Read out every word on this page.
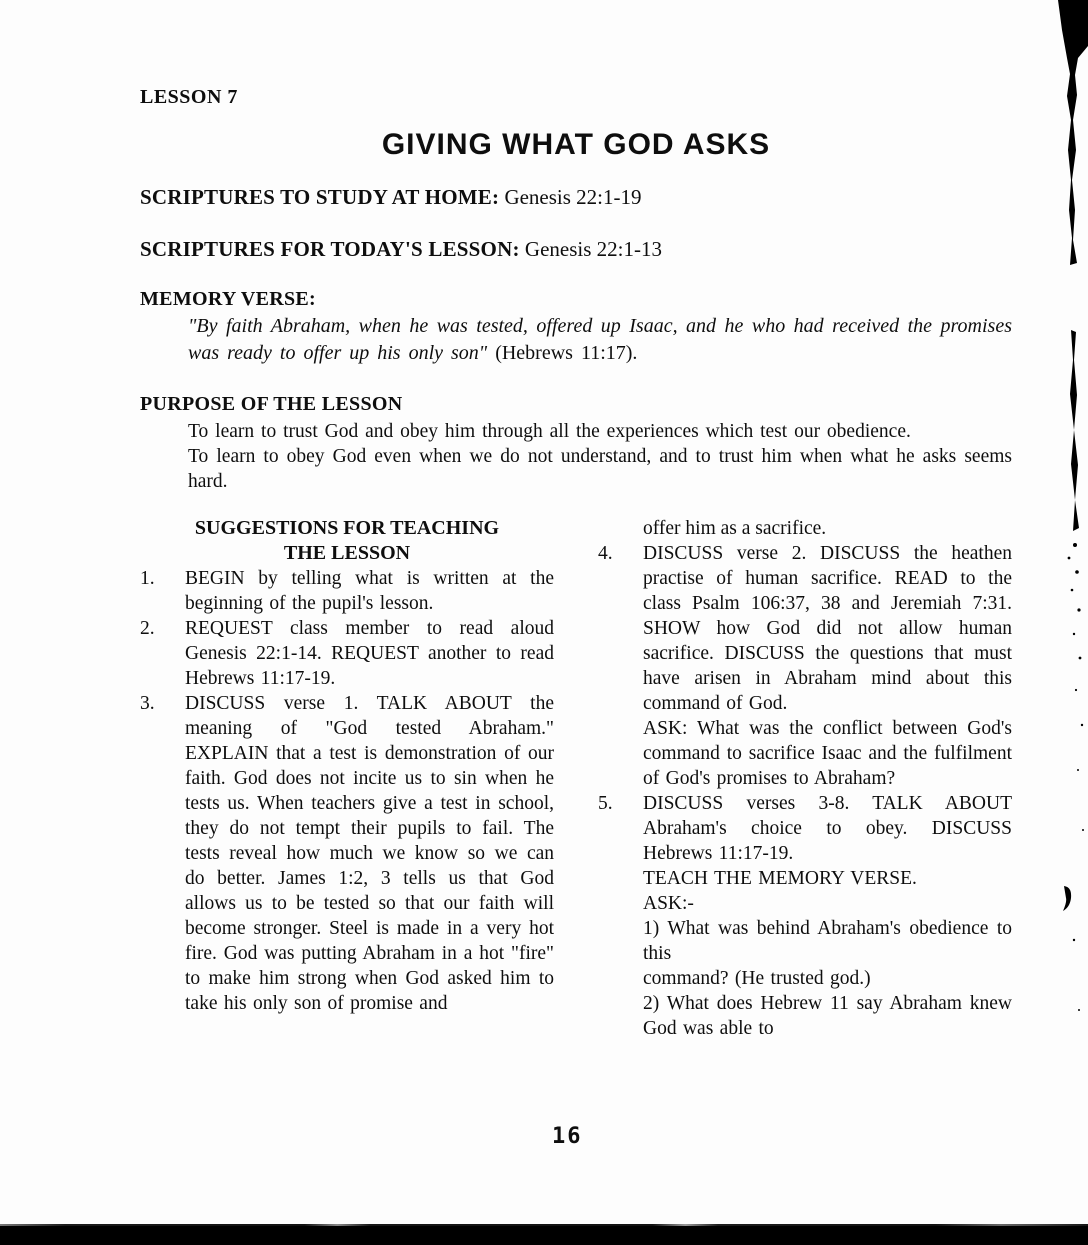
LESSON 7
GIVING WHAT GOD ASKS
SCRIPTURES TO STUDY AT HOME: Genesis 22:1-19
SCRIPTURES FOR TODAY'S LESSON: Genesis 22:1-13
MEMORY VERSE:
"By faith Abraham, when he was tested, offered up Isaac, and he who had received the promises was ready to offer up his only son" (Hebrews 11:17).
PURPOSE OF THE LESSON

To learn to trust God and obey him through all the experiences which test our obedience.

To learn to obey God even when we do not understand, and to trust him when what he asks seems hard.

SUGGESTIONS FOR TEACHING
THE LESSON
1.	BEGIN by telling what is written at the beginning of the pupil's lesson.
2.	REQUEST class member to read aloud Genesis 22:1-14. REQUEST another to read Hebrews 11:17-19.
3.	DISCUSS verse 1. TALK ABOUT the meaning of "God tested Abraham." EXPLAIN that a test is demonstration of our faith. God does not incite us to sin when he tests us. When teachers give a test in school, they do not tempt their pupils to fail. The tests reveal how much we know so we can do better. James 1:2, 3 tells us that God allows us to be tested so that our faith will become stronger. Steel is made in a very hot fire. God was putting Abraham in a hot "fire" to make him strong when God asked him to take his only son of promise and
offer him as a sacrifice.
4.	DISCUSS verse 2. DISCUSS the heathen practise of human sacrifice. READ to the class Psalm 106:37, 38 and Jeremiah 7:31. SHOW how God did not allow human sacrifice. DISCUSS the questions that must have arisen in Abraham mind about this command of God.

ASK: What was the conflict between God's command to sacrifice Isaac and the fulfilment of God's promises to Abraham?

5.	DISCUSS verses 3-8. TALK ABOUT Abraham's choice to obey. DISCUSS Hebrews 11:17-19.

TEACH THE MEMORY VERSE.

ASK:-

1) What was behind Abraham's obedience to this

command? (He trusted god.)

2) What does Hebrew 11 say Abraham knew God was able to

16
